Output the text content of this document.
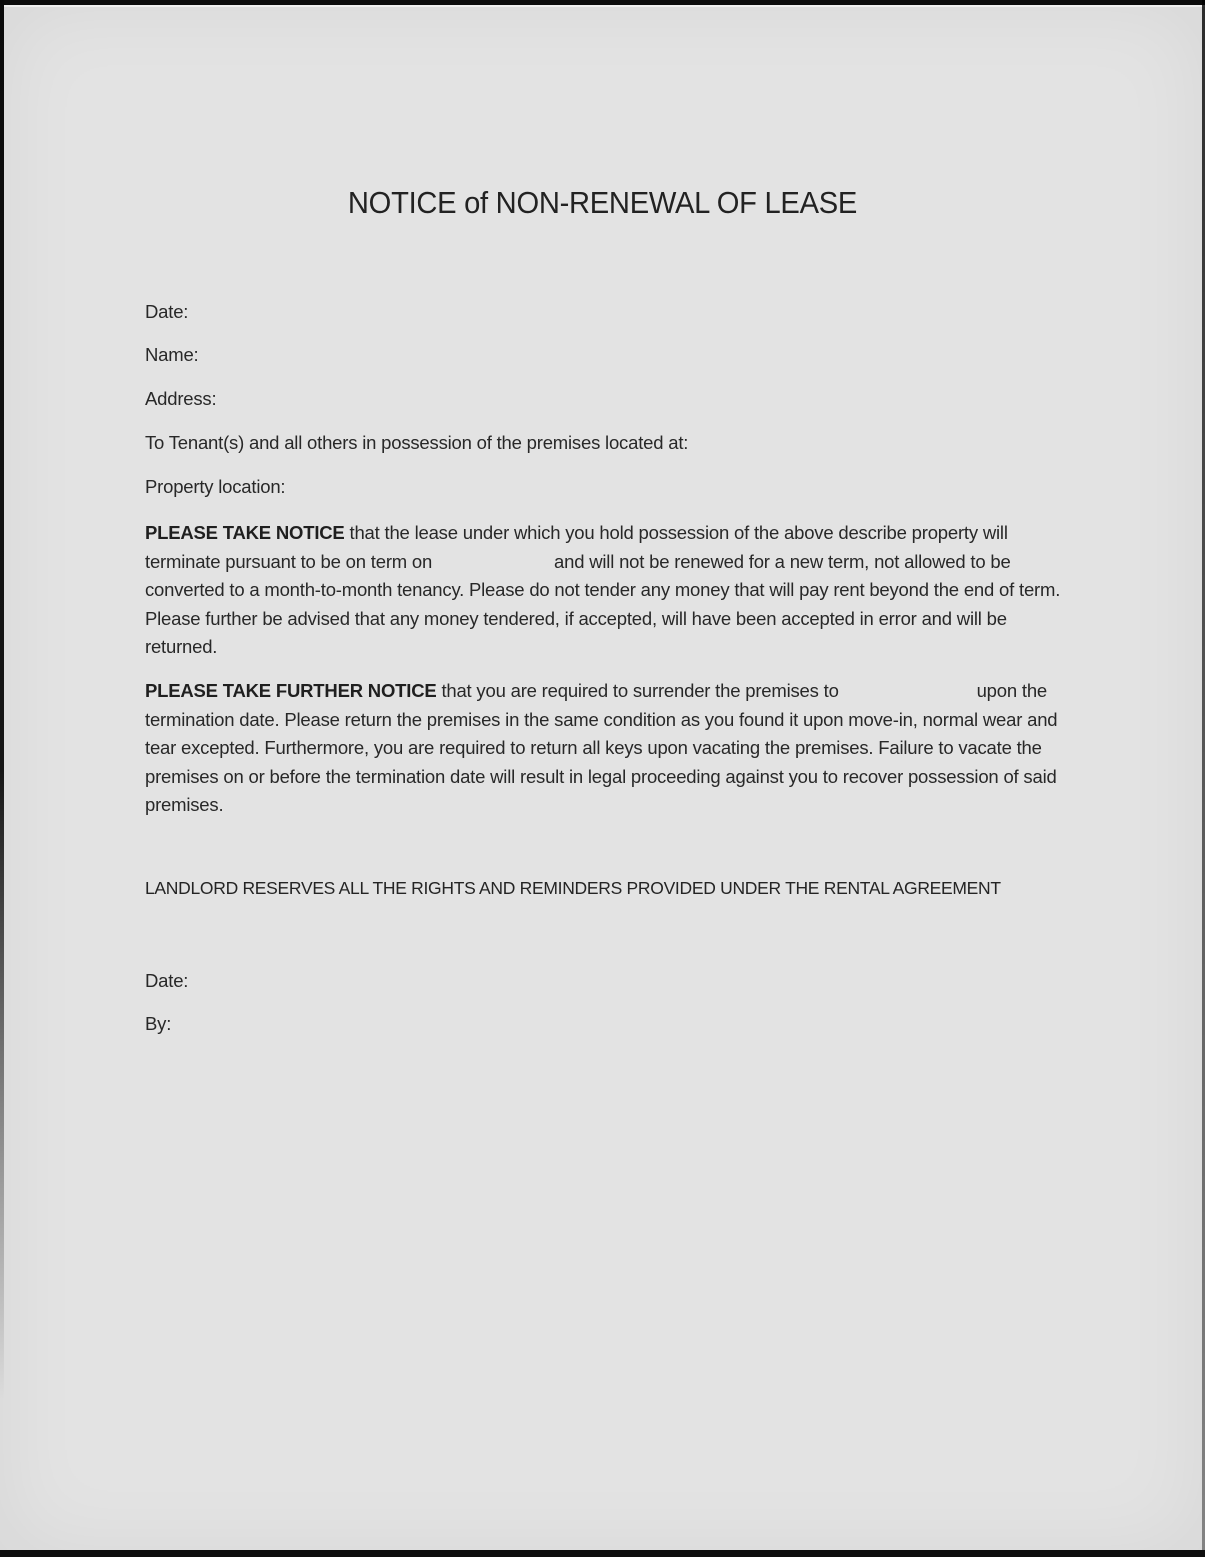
NOTICE of NON-RENEWAL OF LEASE
Date:
Name:
Address:
To Tenant(s) and all others in possession of the premises located at:
Property location:
PLEASE TAKE NOTICE that the lease under which you hold possession of the above describe property will terminate pursuant to be on term on	and will not be renewed for a new term, not allowed to be converted to a month-to-month tenancy. Please do not tender any money that will pay rent beyond the end of term. Please further be advised that any money tendered, if accepted, will have been accepted in error and will be returned.
PLEASE TAKE FURTHER NOTICE that you are required to surrender the premises to	upon the termination date. Please return the premises in the same condition as you found it upon move-in, normal wear and tear excepted. Furthermore, you are required to return all keys upon vacating the premises. Failure to vacate the premises on or before the termination date will result in legal proceeding against you to recover possession of said premises.
LANDLORD RESERVES ALL THE RIGHTS AND REMINDERS PROVIDED UNDER THE RENTAL AGREEMENT
Date:
By:
